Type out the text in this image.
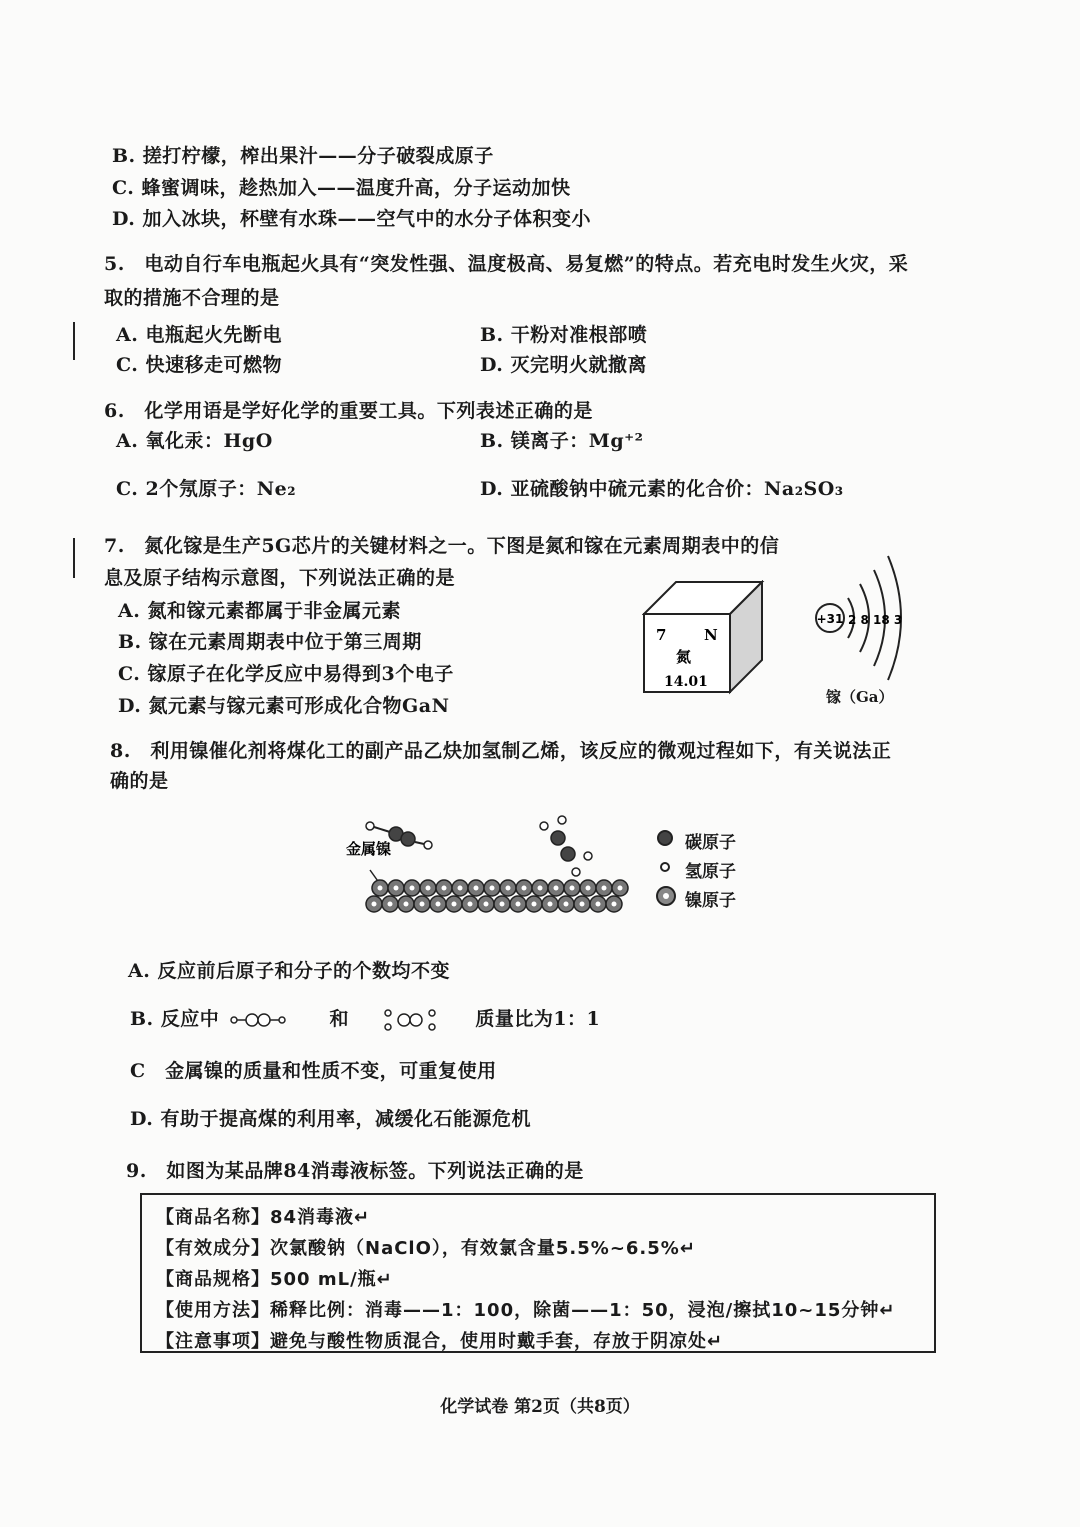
B. 搓打柠檬，榨出果汁——分子破裂成原子
C. 蜂蜜调味，趁热加入——温度升高，分子运动加快
D. 加入冰块，杯壁有水珠——空气中的水分子体积变小
5.　电动自行车电瓶起火具有“突发性强、温度极高、易复燃”的特点。若充电时发生火灾，采
取的措施不合理的是
A. 电瓶起火先断电	B. 干粉对准根部喷
C. 快速移走可燃物	D. 灭完明火就撤离
6.　化学用语是学好化学的重要工具。下列表述正确的是
A. 氧化汞：HgO	B. 镁离子：Mg⁺²
C. 2个氖原子：Ne₂	D. 亚硫酸钠中硫元素的化合价：Na₂SO₃
7.　氮化镓是生产5G芯片的关键材料之一。下图是氮和镓在元素周期表中的信
息及原子结构示意图，下列说法正确的是
A. 氮和镓元素都属于非金属元素
B. 镓在元素周期表中位于第三周期
C. 镓原子在化学反应中易得到3个电子
D. 氮元素与镓元素可形成化合物GaN
7	N
氮
14.01
+31 2 8 18 3
镓（Ga）
8.　利用镍催化剂将煤化工的副产品乙炔加氢制乙烯，该反应的微观过程如下，有关说法正
确的是
金属镍	碳原子
氢原子
镍原子
A. 反应前后原子和分子的个数均不变
B. 反应中	和	质量比为1：1
C　金属镍的质量和性质不变，可重复使用
D. 有助于提高煤的利用率，减缓化石能源危机
9.　如图为某品牌84消毒液标签。下列说法正确的是
【商品名称】84消毒液↵
【有效成分】次氯酸钠（NaClO），有效氯含量5.5%~6.5%↵
【商品规格】500 mL/瓶↵
【使用方法】稀释比例：消毒——1：100，除菌——1：50，浸泡/擦拭10~15分钟↵
【注意事项】避免与酸性物质混合，使用时戴手套，存放于阴凉处↵
化学试卷 第2页（共8页）
